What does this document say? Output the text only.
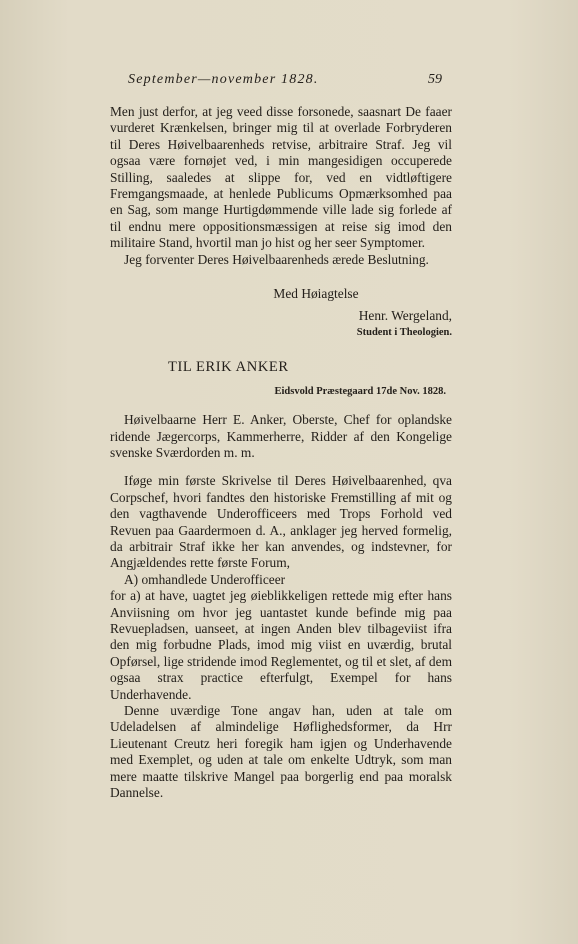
September—november 1828.	59

Men just derfor, at jeg veed disse forsonede, saasnart De faaer vurderet Krænkelsen, bringer mig til at overlade Forbryderen til Deres Høivelbaarenheds retvise, arbitraire Straf. Jeg vil ogsaa være fornøjet ved, i min mangesidigen occuperede Stilling, saaledes at slippe for, ved en vidtløftigere Fremgangsmaade, at henlede Publicums Opmærksomhed paa en Sag, som mange Hurtigdømmende ville lade sig forlede af til endnu mere oppositionsmæssigen at reise sig imod den militaire Stand, hvortil man jo hist og her seer Symptomer.

Jeg forventer Deres Høivelbaarenheds ærede Beslutning.

Med Høiagtelse

Henr. Wergeland,

Student i Theologien.

TIL ERIK ANKER

Eidsvold Præstegaard 17de Nov. 1828.

Høivelbaarne Herr E. Anker, Oberste, Chef for oplandske ridende Jægercorps, Kammerherre, Ridder af den Kongelige svenske Sværdorden m. m.

Iføge min første Skrivelse til Deres Høivelbaarenhed, qva Corpschef, hvori fandtes den historiske Fremstilling af mit og den vagthavende Underofficeers med Trops Forhold ved Revuen paa Gaardermoen d. A., anklager jeg herved formelig, da arbitrair Straf ikke her kan anvendes, og indstevner, for Angjældendes rette første Forum,

A) omhandlede Underofficeer

for a) at have, uagtet jeg øieblikkeligen rettede mig efter hans Anviisning om hvor jeg uantastet kunde befinde mig paa Revuepladsen, uanseet, at ingen Anden blev tilbageviist ifra den mig forbudne Plads, imod mig viist en uværdig, brutal Opførsel, lige stridende imod Reglementet, og til et slet, af dem ogsaa strax practice efterfulgt, Exempel for hans Underhavende.

Denne uværdige Tone angav han, uden at tale om Udeladelsen af almindelige Høflighedsformer, da Hrr Lieutenant Creutz heri foregik ham igjen og Underhavende med Exemplet, og uden at tale om enkelte Udtryk, som man mere maatte tilskrive Mangel paa borgerlig end paa moralsk Dannelse.
